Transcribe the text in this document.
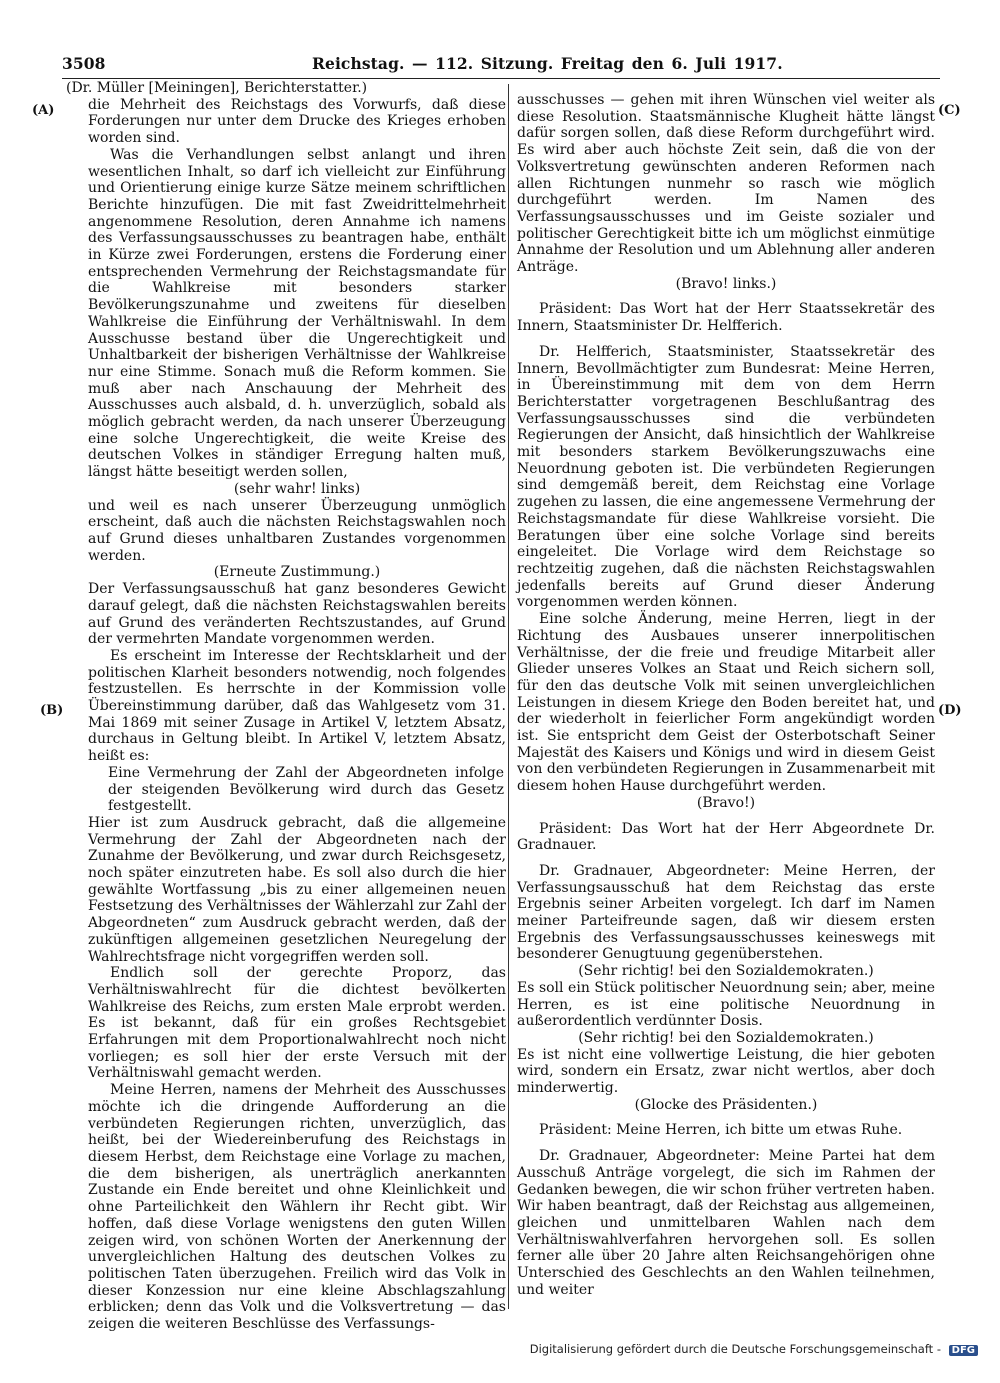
3508	Reichstag. — 112. Sitzung. Freitag den 6. Juli 1917.
(A)
(B)
(C)
(D)

(Dr. Müller [Meiningen], Berichterstatter.)

die Mehrheit des Reichstags des Vorwurfs, daß diese Forderungen nur unter dem Drucke des Krieges erhoben worden sind.

Was die Verhandlungen selbst anlangt und ihren wesentlichen Inhalt, so darf ich vielleicht zur Einführung und Orientierung einige kurze Sätze meinem schriftlichen Berichte hinzufügen. Die mit fast Zweidrittelmehrheit angenommene Resolution, deren Annahme ich namens des Verfassungsausschusses zu beantragen habe, enthält in Kürze zwei Forderungen, erstens die Forderung einer entsprechenden Vermehrung der Reichstagsmandate für die Wahlkreise mit besonders starker Bevölkerungszunahme und zweitens für dieselben Wahlkreise die Einführung der Verhältniswahl. In dem Ausschusse bestand über die Ungerechtigkeit und Unhaltbarkeit der bisherigen Verhältnisse der Wahlkreise nur eine Stimme. Sonach muß die Reform kommen. Sie muß aber nach Anschauung der Mehrheit des Ausschusses auch alsbald, d. h. unverzüglich, sobald als möglich gebracht werden, da nach unserer Überzeugung eine solche Ungerechtigkeit, die weite Kreise des deutschen Volkes in ständiger Erregung halten muß, längst hätte beseitigt werden sollen,

(sehr wahr! links)

und weil es nach unserer Überzeugung unmöglich erscheint, daß auch die nächsten Reichstagswahlen noch auf Grund dieses unhaltbaren Zustandes vorgenommen werden.

(Erneute Zustimmung.)

Der Verfassungsausschuß hat ganz besonderes Gewicht darauf gelegt, daß die nächsten Reichstagswahlen bereits auf Grund des veränderten Rechtszustandes, auf Grund der vermehrten Mandate vorgenommen werden.

Es erscheint im Interesse der Rechtsklarheit und der politischen Klarheit besonders notwendig, noch folgendes festzustellen. Es herrschte in der Kommission volle Übereinstimmung darüber, daß das Wahlgesetz vom 31. Mai 1869 mit seiner Zusage in Artikel V, letztem Absatz, durchaus in Geltung bleibt. In Artikel V, letztem Absatz, heißt es:

Eine Vermehrung der Zahl der Abgeordneten infolge der steigenden Bevölkerung wird durch das Gesetz festgestellt.

Hier ist zum Ausdruck gebracht, daß die allgemeine Vermehrung der Zahl der Abgeordneten nach der Zunahme der Bevölkerung, und zwar durch Reichsgesetz, noch später einzutreten habe. Es soll also durch die hier gewählte Wortfassung „bis zu einer allgemeinen neuen Festsetzung des Verhältnisses der Wählerzahl zur Zahl der Abgeordneten“ zum Ausdruck gebracht werden, daß der zukünftigen allgemeinen gesetzlichen Neuregelung der Wahlrechtsfrage nicht vorgegriffen werden soll.

Endlich soll der gerechte Proporz, das Verhältniswahlrecht für die dichtest bevölkerten Wahlkreise des Reichs, zum ersten Male erprobt werden. Es ist bekannt, daß für ein großes Rechtsgebiet Erfahrungen mit dem Proportionalwahlrecht noch nicht vorliegen; es soll hier der erste Versuch mit der Verhältniswahl gemacht werden.

Meine Herren, namens der Mehrheit des Ausschusses möchte ich die dringende Aufforderung an die verbündeten Regierungen richten, unverzüglich, das heißt, bei der Wiedereinberufung des Reichstags in diesem Herbst, dem Reichstage eine Vorlage zu machen, die dem bisherigen, als unerträglich anerkannten Zustande ein Ende bereitet und ohne Kleinlichkeit und ohne Parteilichkeit den Wählern ihr Recht gibt. Wir hoffen, daß diese Vorlage wenigstens den guten Willen zeigen wird, von schönen Worten der Anerkennung der unvergleichlichen Haltung des deutschen Volkes zu politischen Taten überzugehen. Freilich wird das Volk in dieser Konzession nur eine kleine Abschlagszahlung erblicken; denn das Volk und die Volksvertretung — das zeigen die weiteren Beschlüsse des Verfassungs-

ausschusses — gehen mit ihren Wünschen viel weiter als diese Resolution. Staatsmännische Klugheit hätte längst dafür sorgen sollen, daß diese Reform durchgeführt wird. Es wird aber auch höchste Zeit sein, daß die von der Volksvertretung gewünschten anderen Reformen nach allen Richtungen nunmehr so rasch wie möglich durchgeführt werden. Im Namen des Verfassungsausschusses und im Geiste sozialer und politischer Gerechtigkeit bitte ich um möglichst einmütige Annahme der Resolution und um Ablehnung aller anderen Anträge.

(Bravo! links.)

Präsident: Das Wort hat der Herr Staatssekretär des Innern, Staatsminister Dr. Helfferich.

Dr. Helfferich, Staatsminister, Staatssekretär des Innern, Bevollmächtigter zum Bundesrat: Meine Herren, in Übereinstimmung mit dem von dem Herrn Berichterstatter vorgetragenen Beschlußantrag des Verfassungsausschusses sind die verbündeten Regierungen der Ansicht, daß hinsichtlich der Wahlkreise mit besonders starkem Bevölkerungszuwachs eine Neuordnung geboten ist. Die verbündeten Regierungen sind demgemäß bereit, dem Reichstag eine Vorlage zugehen zu lassen, die eine angemessene Vermehrung der Reichstagsmandate für diese Wahlkreise vorsieht. Die Beratungen über eine solche Vorlage sind bereits eingeleitet. Die Vorlage wird dem Reichstage so rechtzeitig zugehen, daß die nächsten Reichstagswahlen jedenfalls bereits auf Grund dieser Änderung vorgenommen werden können.

Eine solche Änderung, meine Herren, liegt in der Richtung des Ausbaues unserer innerpolitischen Verhältnisse, der die freie und freudige Mitarbeit aller Glieder unseres Volkes an Staat und Reich sichern soll, für den das deutsche Volk mit seinen unvergleichlichen Leistungen in diesem Kriege den Boden bereitet hat, und der wiederholt in feierlicher Form angekündigt worden ist. Sie entspricht dem Geist der Osterbotschaft Seiner Majestät des Kaisers und Königs und wird in diesem Geist von den verbündeten Regierungen in Zusammenarbeit mit diesem hohen Hause durchgeführt werden.

(Bravo!)

Präsident: Das Wort hat der Herr Abgeordnete Dr. Gradnauer.

Dr. Gradnauer, Abgeordneter: Meine Herren, der Verfassungsausschuß hat dem Reichstag das erste Ergebnis seiner Arbeiten vorgelegt. Ich darf im Namen meiner Parteifreunde sagen, daß wir diesem ersten Ergebnis des Verfassungsausschusses keineswegs mit besonderer Genugtuung gegenüberstehen.

(Sehr richtig! bei den Sozialdemokraten.)

Es soll ein Stück politischer Neuordnung sein; aber, meine Herren, es ist eine politische Neuordnung in außerordentlich verdünnter Dosis.

(Sehr richtig! bei den Sozialdemokraten.)

Es ist nicht eine vollwertige Leistung, die hier geboten wird, sondern ein Ersatz, zwar nicht wertlos, aber doch minderwertig.

(Glocke des Präsidenten.)

Präsident: Meine Herren, ich bitte um etwas Ruhe.

Dr. Gradnauer, Abgeordneter: Meine Partei hat dem Ausschuß Anträge vorgelegt, die sich im Rahmen der Gedanken bewegen, die wir schon früher vertreten haben. Wir haben beantragt, daß der Reichstag aus allgemeinen, gleichen und unmittelbaren Wahlen nach dem Verhältniswahlverfahren hervorgehen soll. Es sollen ferner alle über 20 Jahre alten Reichsangehörigen ohne Unterschied des Geschlechts an den Wahlen teilnehmen, und weiter

Digitalisierung gefördert durch die Deutsche Forschungsgemeinschaft - DFG
